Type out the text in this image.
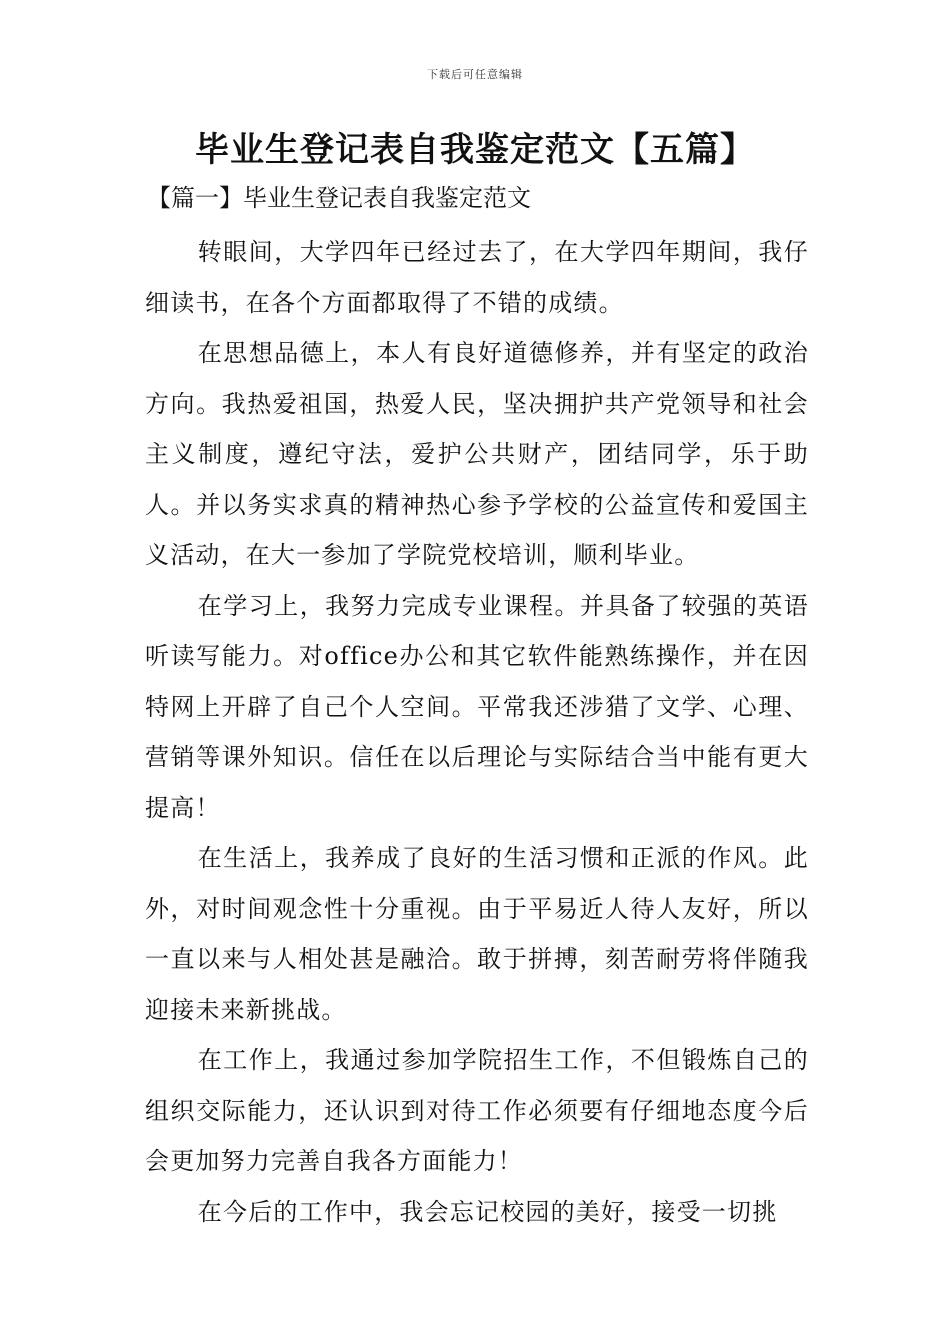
下载后可任意编辑
毕业生登记表自我鉴定范文【五篇】
【篇一】毕业生登记表自我鉴定范文

转眼间，大学四年已经过去了，在大学四年期间，我仔细读书，在各个方面都取得了不错的成绩。

在思想品德上，本人有良好道德修养，并有坚定的政治方向。我热爱祖国，热爱人民，坚决拥护共产党领导和社会主义制度，遵纪守法，爱护公共财产，团结同学，乐于助人。并以务实求真的精神热心参予学校的公益宣传和爱国主义活动，在大一参加了学院党校培训，顺利毕业。

在学习上，我努力完成专业课程。并具备了较强的英语听读写能力。对office办公和其它软件能熟练操作，并在因特网上开辟了自己个人空间。平常我还涉猎了文学、心理、营销等课外知识。信任在以后理论与实际结合当中能有更大提高！

在生活上，我养成了良好的生活习惯和正派的作风。此外，对时间观念性十分重视。由于平易近人待人友好，所以一直以来与人相处甚是融洽。敢于拼搏，刻苦耐劳将伴随我迎接未来新挑战。

在工作上，我通过参加学院招生工作，不但锻炼自己的组织交际能力，还认识到对待工作必须要有仔细地态度今后会更加努力完善自我各方面能力！

在今后的工作中，我会忘记校园的美好，接受一切挑
